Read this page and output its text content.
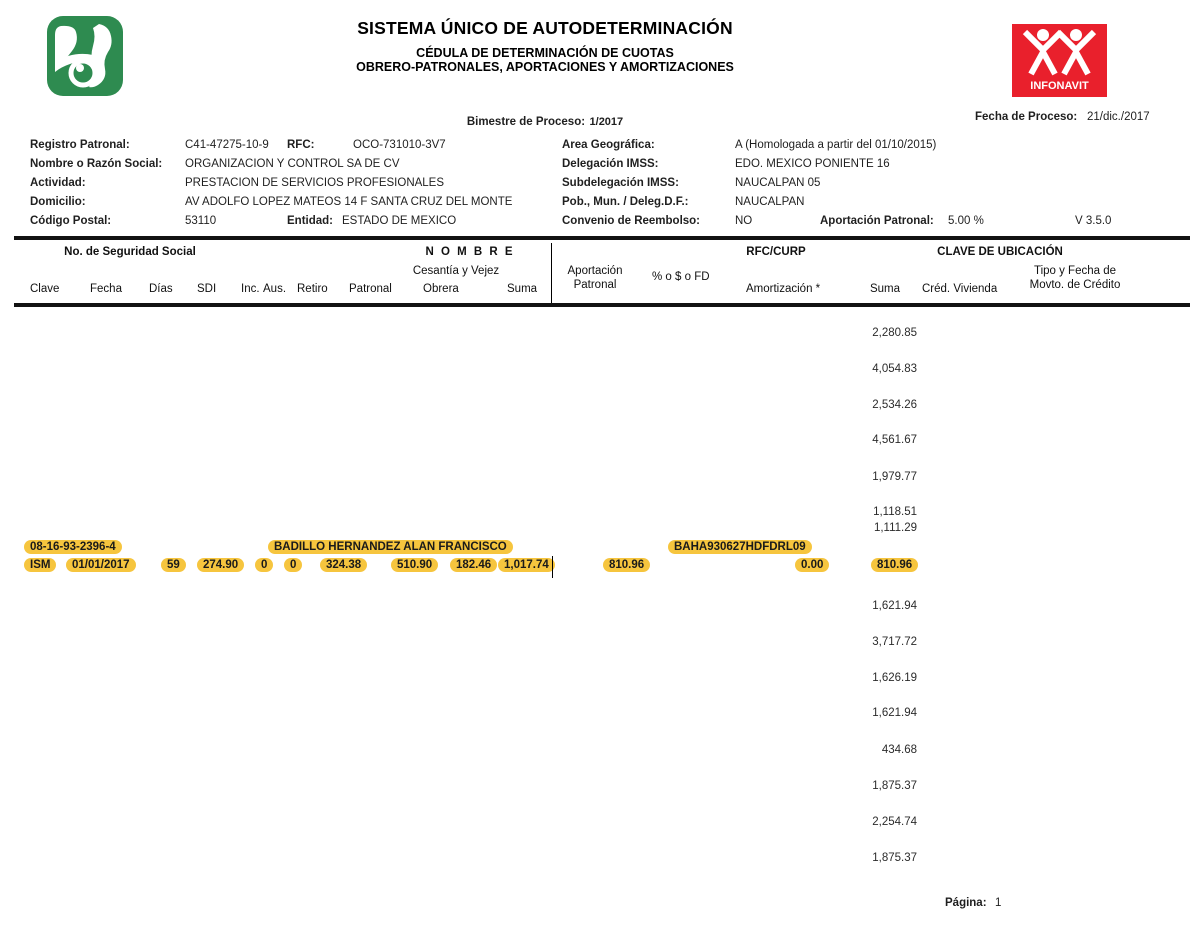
SISTEMA ÚNICO DE AUTODETERMINACIÓN
CÉDULA DE DETERMINACIÓN DE CUOTAS
OBRERO-PATRONALES, APORTACIONES Y AMORTIZACIONES
INFONAVIT
Bimestre de Proceso: 1/2017	Fecha de Proceso: 21/dic./2017
Registro Patronal:	C41-47275-10-9 RFC:	OCO-731010-3V7
Nombre o Razón Social: ORGANIZACION Y CONTROL SA DE CV
Actividad:	PRESTACION DE SERVICIOS PROFESIONALES
Domicilio:	AV ADOLFO LOPEZ MATEOS 14 F SANTA CRUZ DEL MONTE
Código Postal:	53110	Entidad: ESTADO DE MEXICO
Area Geográfica:	A (Homologada a partir del 01/10/2015)
Delegación IMSS:	EDO. MEXICO PONIENTE 16
Subdelegación IMSS:	NAUCALPAN 05
Pob., Mun. / Deleg.D.F.:	NAUCALPAN
Convenio de Reembolso:	NO	Aportación Patronal: 5.00 %	V 3.5.0
No. de Seguridad Social	N O M B R E
Cesantía y Vejez
Clave	Fecha Días SDI Inc. Aus. Retiro Patronal	Obrera	Suma
Aportación
Patronal
% o $ o FD
RFC/CURP
Amortización *	Suma	Créd. Vivienda
CLAVE DE UBICACIÓN
Tipo y Fecha de
Movto. de Crédito
2,280.85
4,054.83
2,534.26
4,561.67
1,979.77
1,118.51
1,111.29
1,621.94
3,717.72
1,626.19
1,621.94
434.68
1,875.37
2,254.74
1,875.37
08-16-93-2396-4	BADILLO HERNANDEZ ALAN FRANCISCO	BAHA930627HDFDRL09
ISM	01/01/2017	59	274.90	0	0	324.38	510.90	182.46	1,017.74	810.96	0.00	810.96
Página: 1
